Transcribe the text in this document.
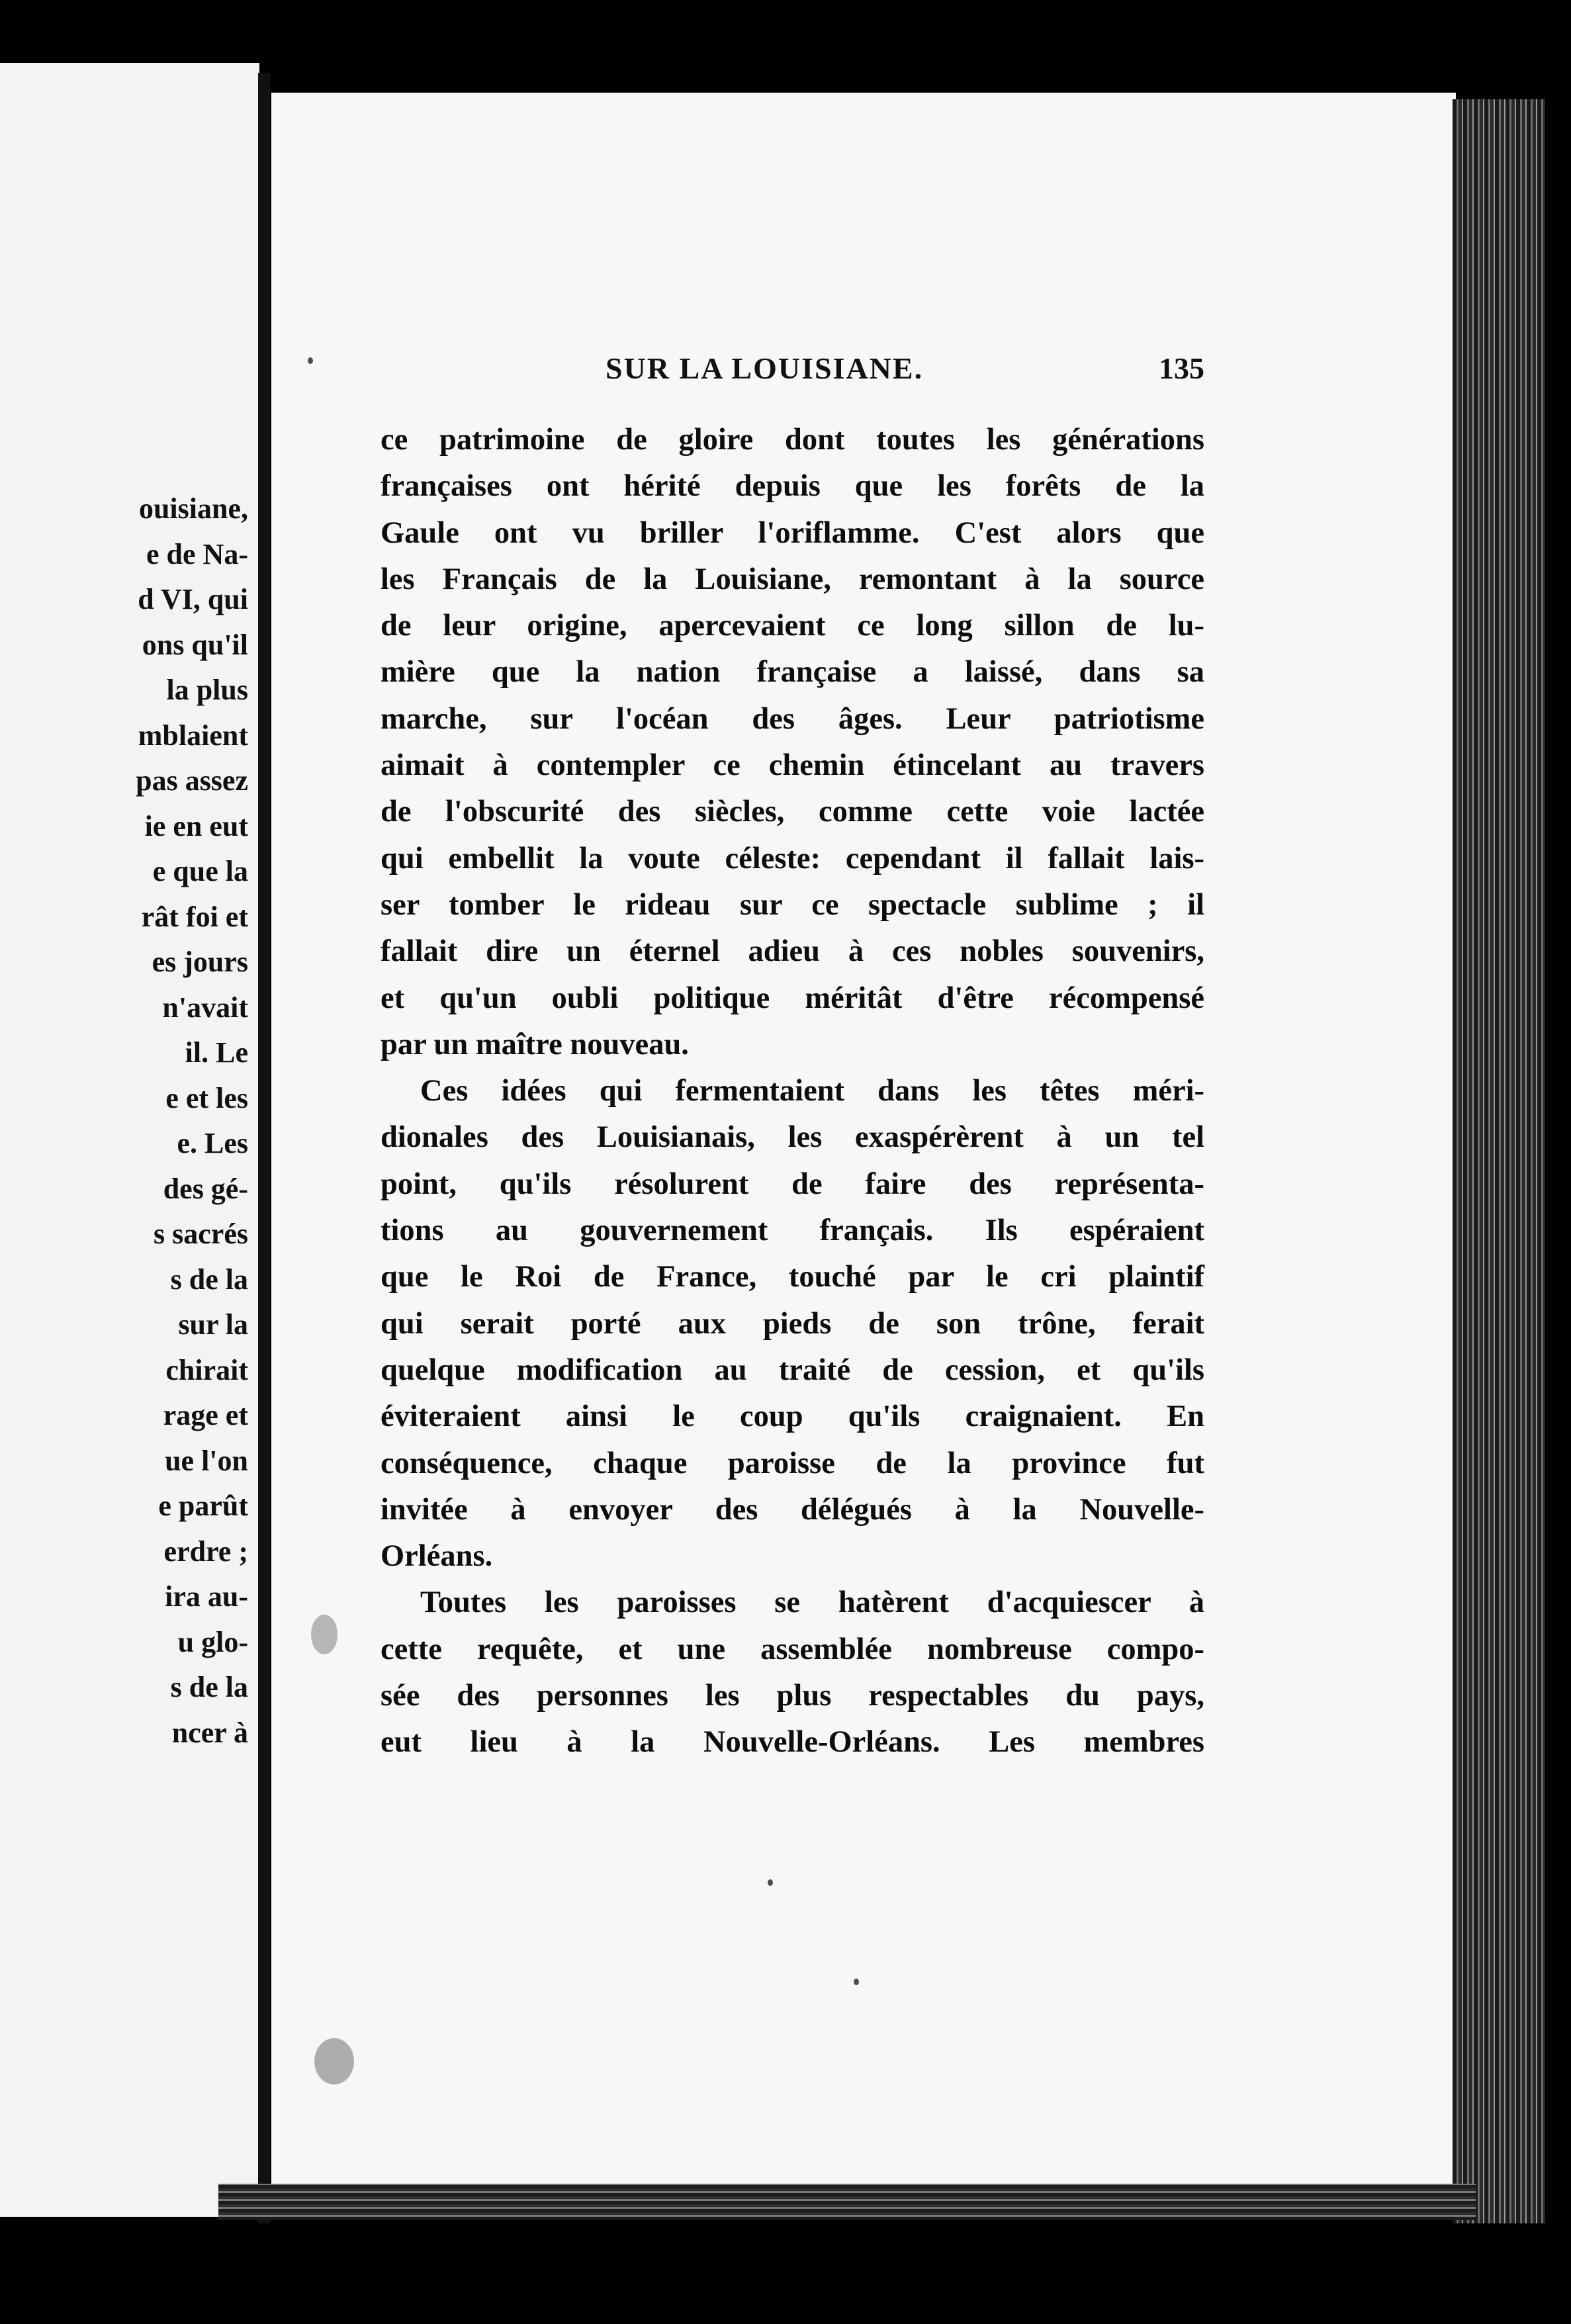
ouisiane,
e de Na-
d VI, qui
ons qu'il
la plus
mblaient
pas assez
ie en eut
e que la
rât foi et
es jours
n'avait
il. Le
e et les
e. Les
des gé-
s sacrés
s de la
sur la
chirait
rage et
ue l'on
e parût
erdre ;
ira au-
u glo-
s de la
ncer à
SUR LA LOUISIANE.	135
ce patrimoine de gloire dont toutes les générations
françaises ont hérité depuis que les forêts de la
Gaule ont vu briller l'oriflamme. C'est alors que
les Français de la Louisiane, remontant à la source
de leur origine, apercevaient ce long sillon de lu-
mière que la nation française a laissé, dans sa
marche, sur l'océan des âges. Leur patriotisme
aimait à contempler ce chemin étincelant au travers
de l'obscurité des siècles, comme cette voie lactée
qui embellit la voute céleste: cependant il fallait lais-
ser tomber le rideau sur ce spectacle sublime ; il
fallait dire un éternel adieu à ces nobles souvenirs,
et qu'un oubli politique méritât d'être récompensé
par un maître nouveau.
Ces idées qui fermentaient dans les têtes méri-
dionales des Louisianais, les exaspérèrent à un tel
point, qu'ils résolurent de faire des représenta-
tions au gouvernement français. Ils espéraient
que le Roi de France, touché par le cri plaintif
qui serait porté aux pieds de son trône, ferait
quelque modification au traité de cession, et qu'ils
éviteraient ainsi le coup qu'ils craignaient. En
conséquence, chaque paroisse de la province fut
invitée à envoyer des délégués à la Nouvelle-
Orléans.
Toutes les paroisses se hatèrent d'acquiescer à
cette requête, et une assemblée nombreuse compo-
sée des personnes les plus respectables du pays,
eut lieu à la Nouvelle-Orléans. Les membres
